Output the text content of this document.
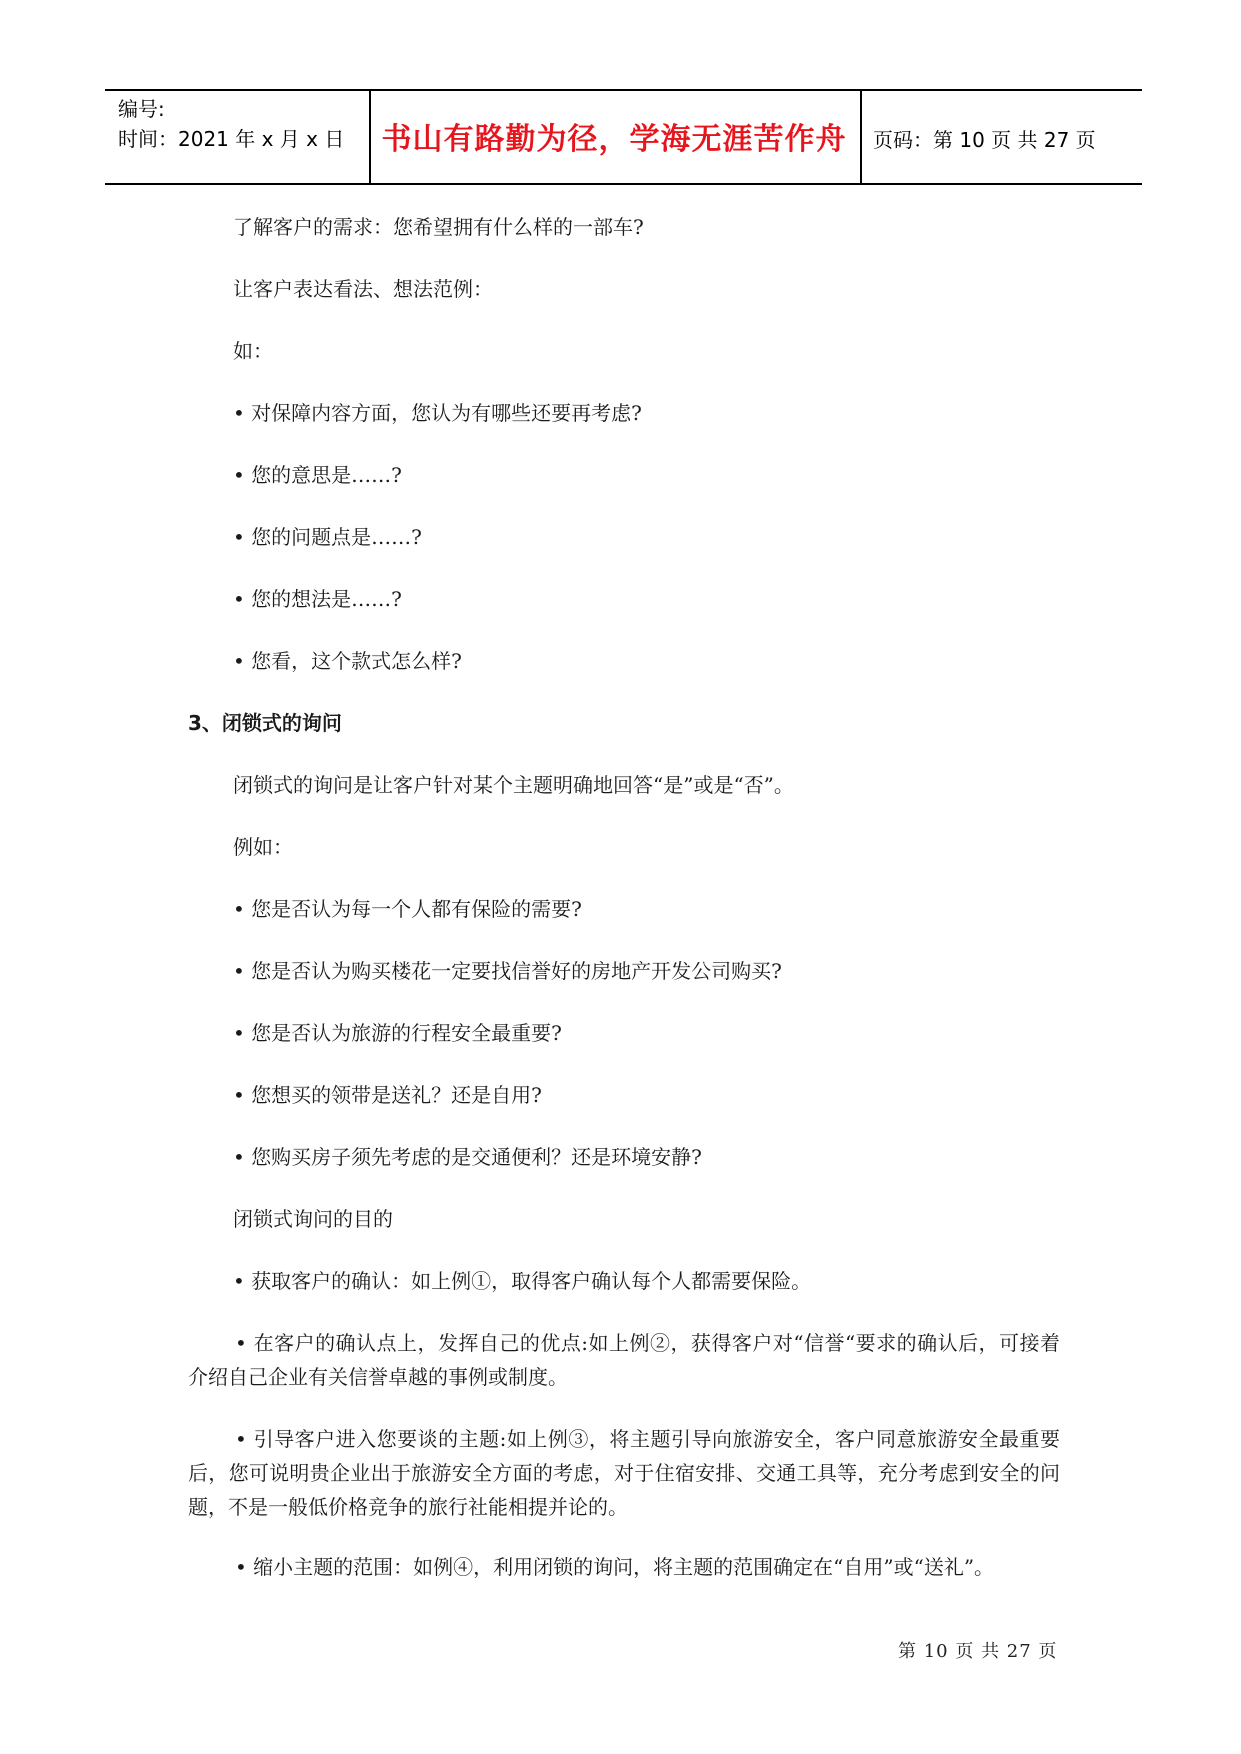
编号:
时间：2021 年 x 月 x 日	书山有路勤为径，学海无涯苦作舟	页码：第 10 页 共 27 页
了解客户的需求：您希望拥有什么样的一部车?
让客户表达看法、想法范例：
如：
• 对保障内容方面，您认为有哪些还要再考虑?
• 您的意思是……?
• 您的问题点是……?
• 您的想法是……?
• 您看，这个款式怎么样?
3、闭锁式的询问
闭锁式的询问是让客户针对某个主题明确地回答“是”或是“否”。
例如：
• 您是否认为每一个人都有保险的需要?
• 您是否认为购买楼花一定要找信誉好的房地产开发公司购买?
• 您是否认为旅游的行程安全最重要?
• 您想买的领带是送礼？还是自用?
• 您购买房子须先考虑的是交通便利？还是环境安静?
闭锁式询问的目的
• 获取客户的确认：如上例①，取得客户确认每个人都需要保险。
• 在客户的确认点上，发挥自己的优点:如上例②，获得客户对“信誉“要求的确认后，可接着介绍自己企业有关信誉卓越的事例或制度。
• 引导客户进入您要谈的主题:如上例③，将主题引导向旅游安全，客户同意旅游安全最重要后，您可说明贵企业出于旅游安全方面的考虑，对于住宿安排、交通工具等，充分考虑到安全的问题，不是一般低价格竞争的旅行社能相提并论的。
• 缩小主题的范围：如例④，利用闭锁的询问，将主题的范围确定在“自用”或“送礼”。
第 10 页 共 27 页
